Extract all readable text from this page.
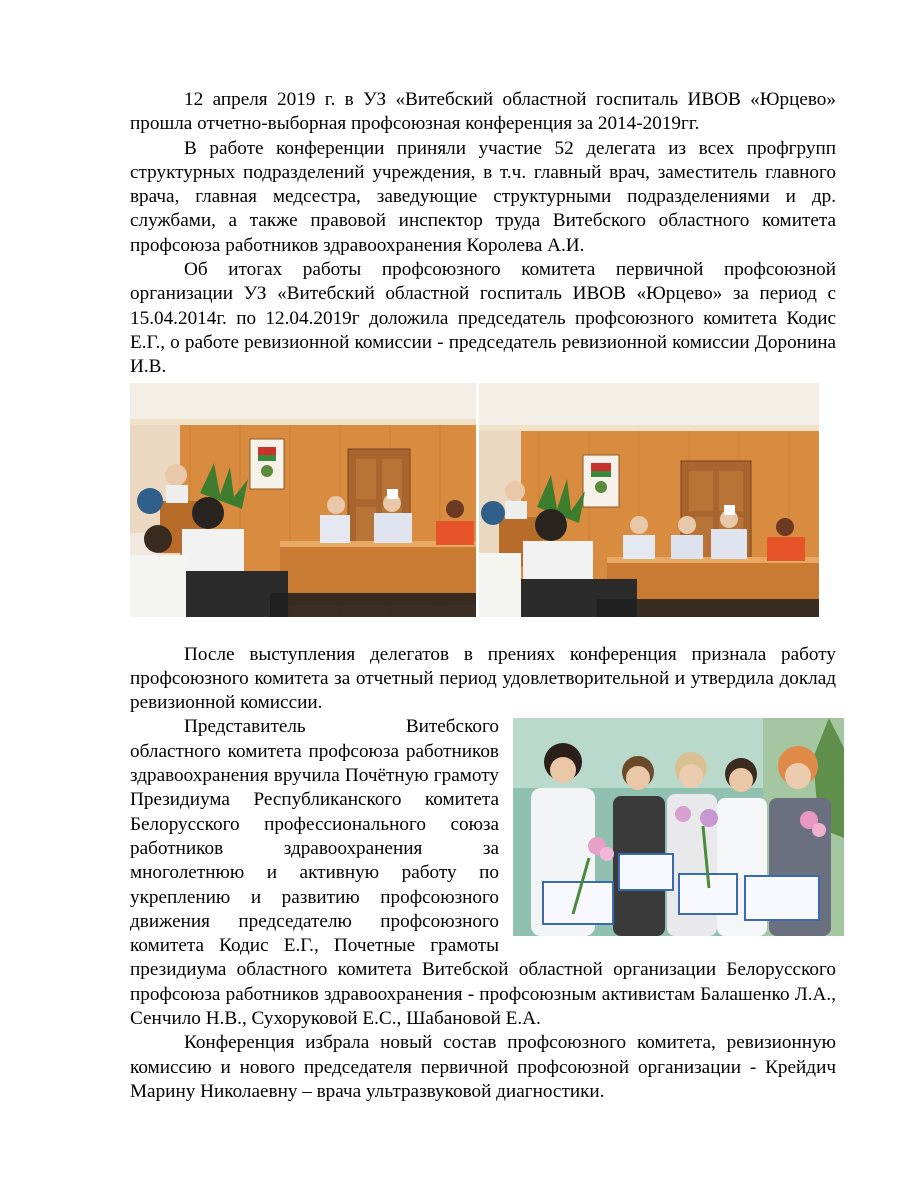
12 апреля 2019 г. в УЗ «Витебский областной госпиталь ИВОВ «Юрцево» прошла отчетно-выборная профсоюзная конференция за 2014-2019гг.

В работе конференции приняли участие 52 делегата из всех профгрупп структурных подразделений учреждения, в т.ч. главный врач, заместитель главного врача, главная медсестра, заведующие структурными подразделениями и др. службами, а также правовой инспектор труда Витебского областного комитета профсоюза работников здравоохранения Королева А.И.

Об итогах работы профсоюзного комитета первичной профсоюзной организации УЗ «Витебский областной госпиталь ИВОВ «Юрцево» за период с 15.04.2014г. по 12.04.2019г доложила председатель профсоюзного комитета Кодис Е.Г., о работе ревизионной комиссии - председатель ревизионной комиссии Доронина И.В.

После выступления делегатов в прениях конференция признала работу профсоюзного комитета за отчетный период удовлетворительной и утвердила доклад ревизионной комиссии.

Представитель Витебского областного комитета профсоюза работников здравоохранения вручила Почётную грамоту Президиума Республиканского комитета Белорусского профессионального союза работников здравоохранения за многолетнюю и активную работу по укреплению и развитию профсоюзного движения председателю профсоюзного комитета Кодис Е.Г., Почетные грамоты президиума областного комитета Витебской областной организации Белорусского профсоюза работников здравоохранения - профсоюзным активистам Балашенко Л.А., Сенчило Н.В., Сухоруковой Е.С., Шабановой Е.А.

Конференция избрала новый состав профсоюзного комитета, ревизионную комиссию и нового председателя первичной профсоюзной организации - Крейдич Марину Николаевну – врача ультразвуковой диагностики.
